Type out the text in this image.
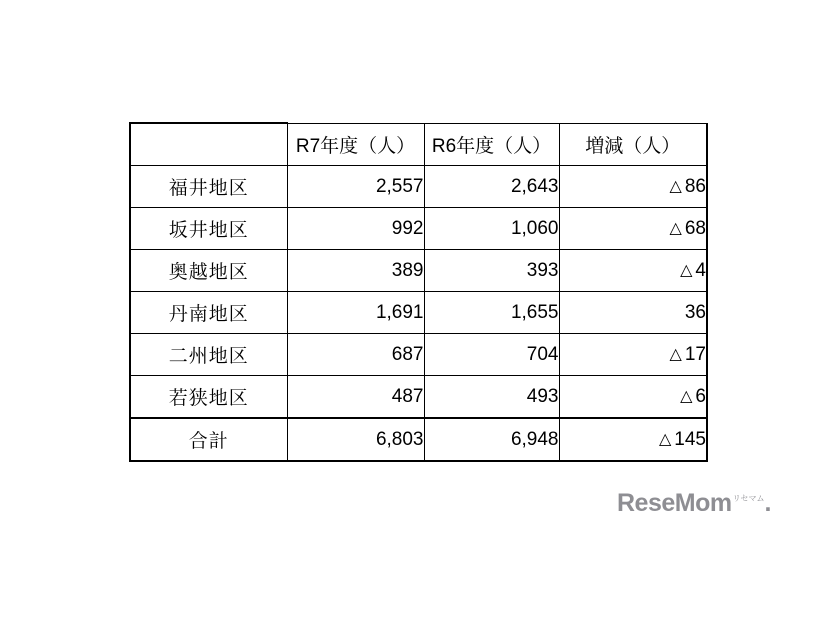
	R7年度（人）	R6年度（人）	増減（人）
福井地区	2,557	2,643	△ 86
坂井地区	992	1,060	△ 68
奥越地区	389	393	△ 4
丹南地区	1,691	1,655	36
二州地区	687	704	△ 17
若狭地区	487	493	△ 6
合計	6,803	6,948	△ 145
ReseMom$^{リセマム}$.
